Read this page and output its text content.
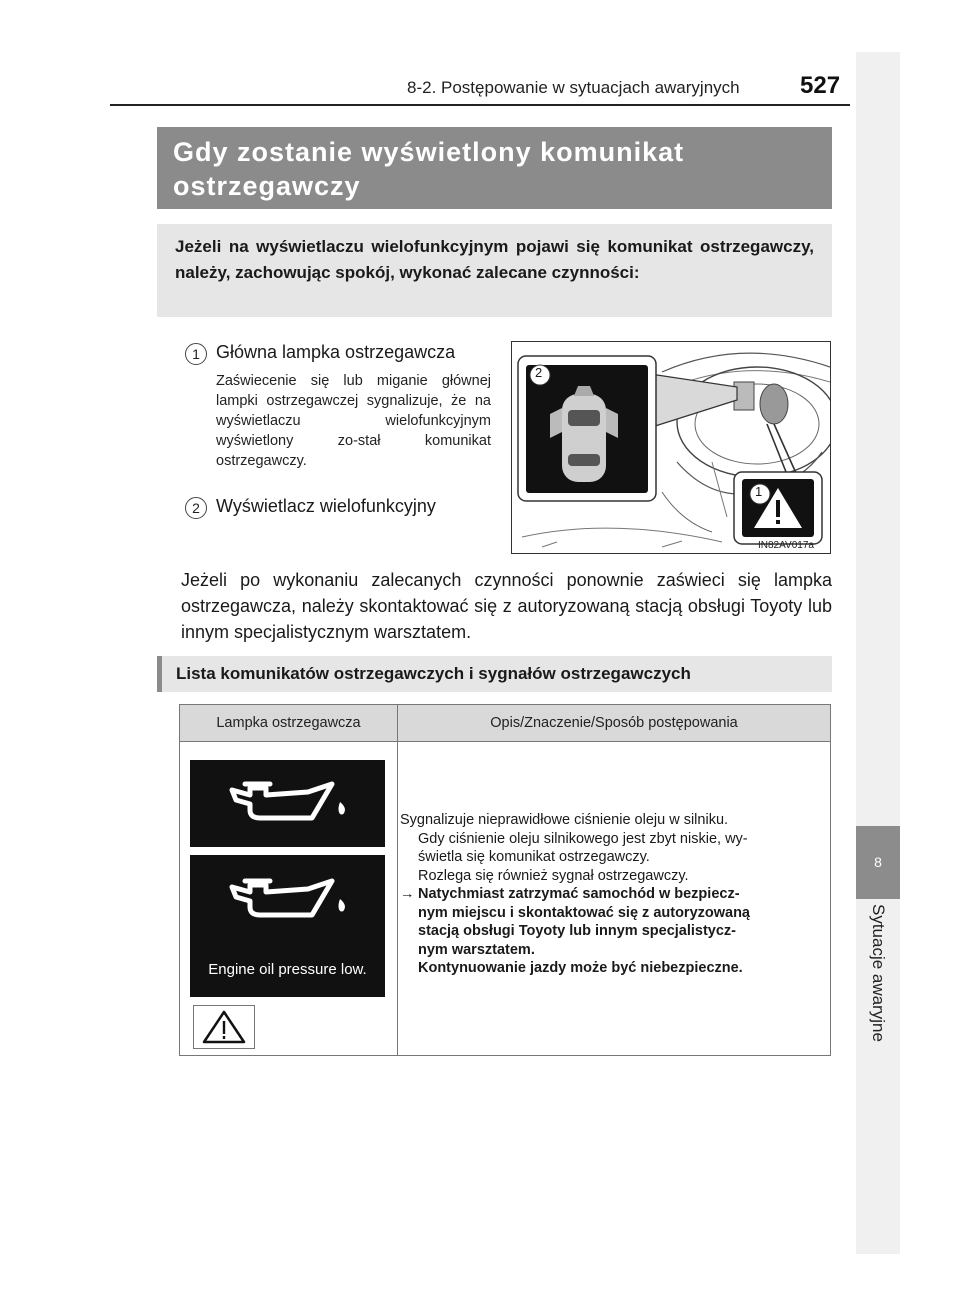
8-2. Postępowanie w sytuacjach awaryjnych	527
8
Sytuacje awaryjne

Gdy zostanie wyświetlony komunikat

ostrzegawczy

Jeżeli na wyświetlaczu wielofunkcyjnym pojawi się komunikat ostrzegawczy, należy, zachowując spokój, wykonać zalecane czynności:

1 Główna lampka ostrzegawcza

Zaświecenie się lub miganie głównej lampki ostrzegawczej sygnalizuje, że na wyświetlaczu wielofunkcyjnym wyświetlony zo-stał komunikat ostrzegawczy.

2 Wyświetlacz wielofunkcyjny
2
1
IN82AV017a

Jeżeli po wykonaniu zalecanych czynności ponownie zaświeci się lampka ostrzegawcza, należy skontaktować się z autoryzowaną stacją obsługi Toyoty lub innym specjalistycznym warsztatem.

Lista komunikatów ostrzegawczych i sygnałów ostrzegawczych
Lampka ostrzegawcza	Opis/Znaczenie/Sposób postępowania
Engine oil pressure low.

Sygnalizuje nieprawidłowe ciśnienie oleju w silniku.

Gdy ciśnienie oleju silnikowego jest zbyt niskie, wy-

świetla się komunikat ostrzegawczy.

Rozlega się również sygnał ostrzegawczy.

→ Natychmiast zatrzymać samochód w bezpiecz-

nym miejscu i skontaktować się z autoryzowaną

stacją obsługi Toyoty lub innym specjalistycz-

nym warsztatem.

Kontynuowanie jazdy może być niebezpieczne.
